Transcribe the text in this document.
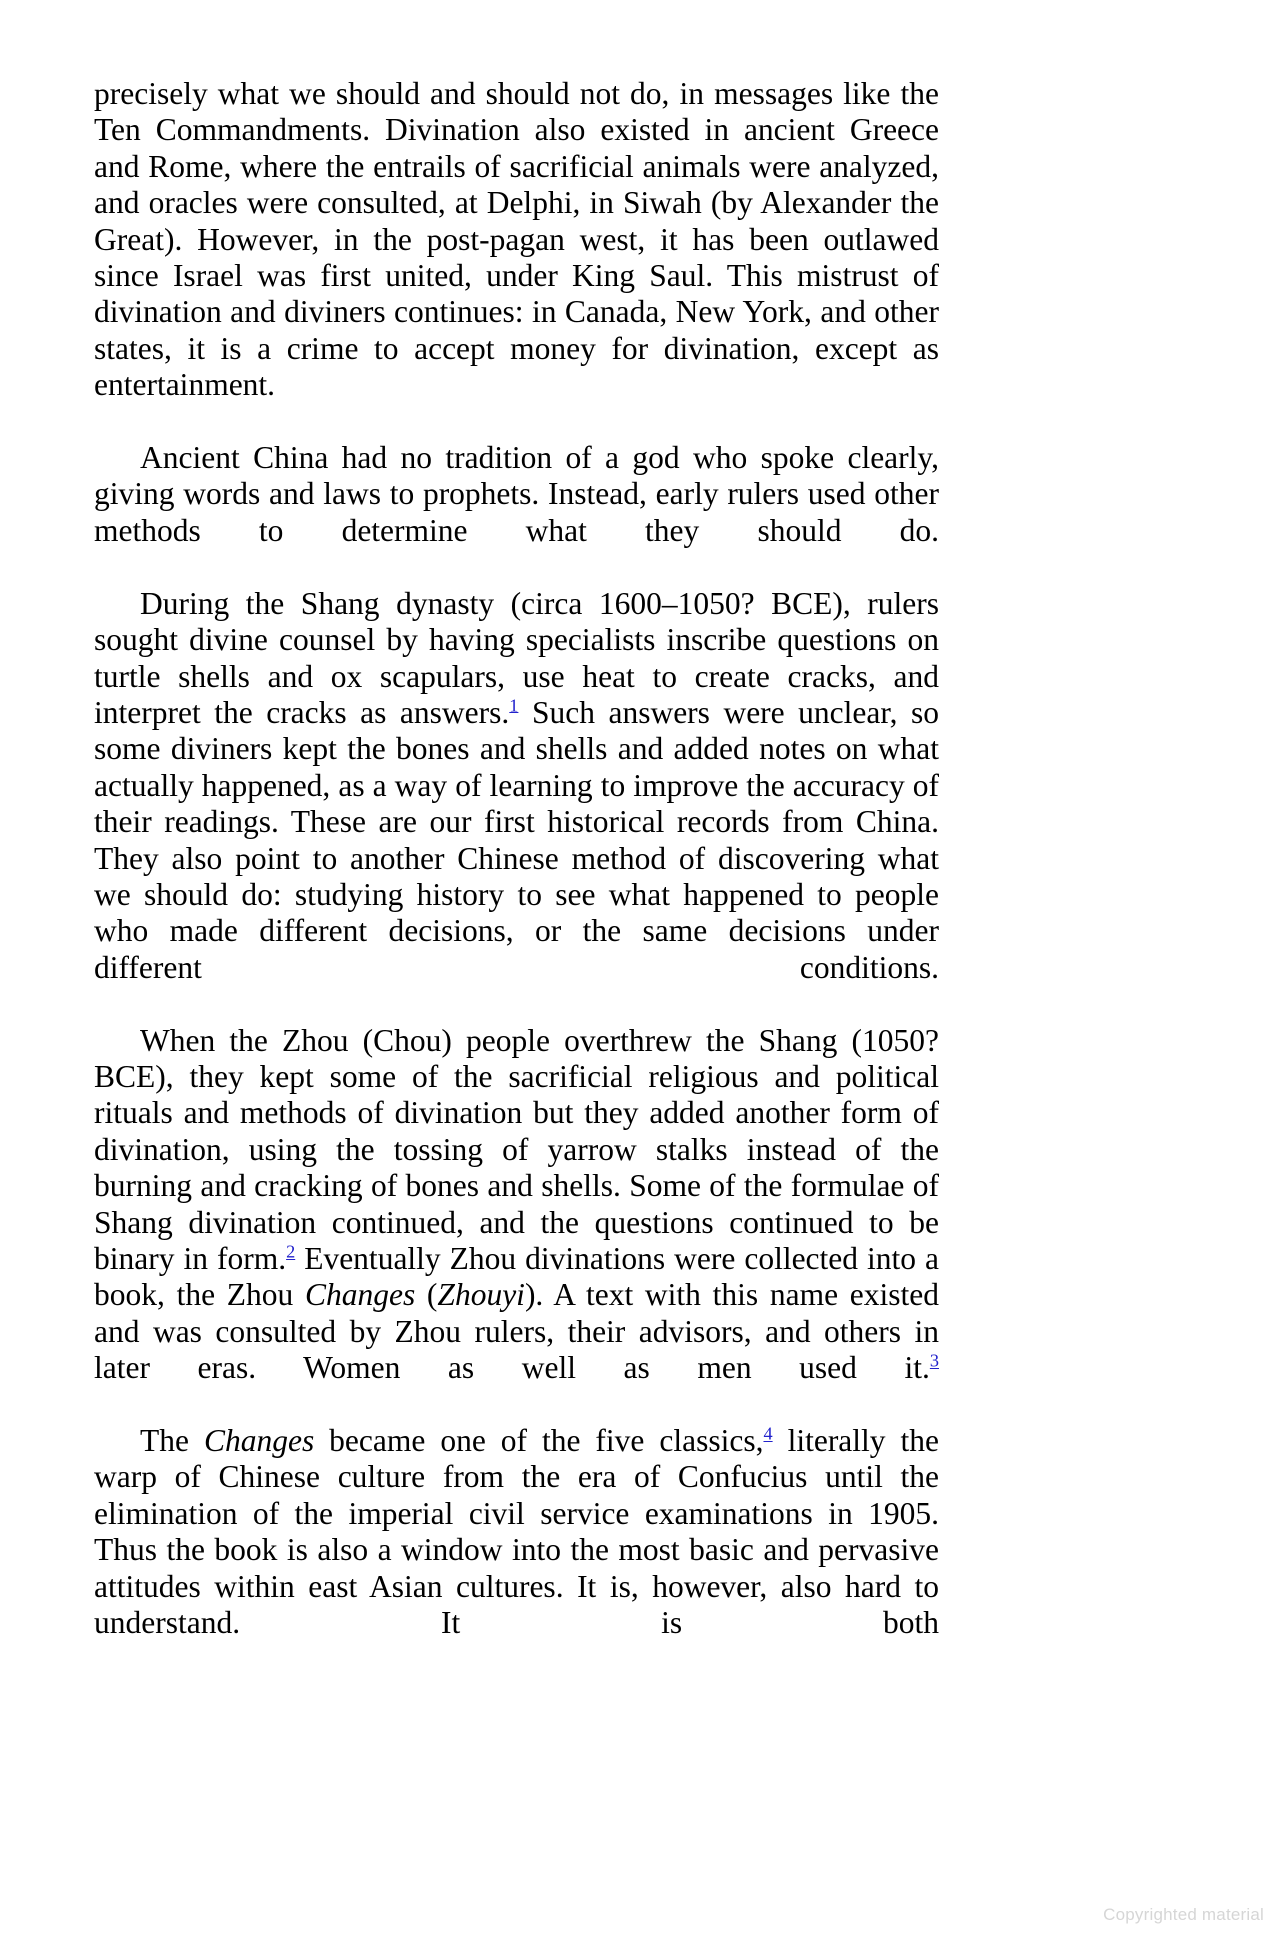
precisely what we should and should not do, in messages like the Ten Commandments. Divination also existed in ancient Greece and Rome, where the entrails of sacrificial animals were analyzed, and oracles were consulted, at Delphi, in Siwah (by Alexander the Great). However, in the post-pagan west, it has been outlawed since Israel was first united, under King Saul. This mistrust of divination and diviners continues: in Canada, New York, and other states, it is a crime to accept money for divination, except as entertainment.

Ancient China had no tradition of a god who spoke clearly, giving words and laws to prophets. Instead, early rulers used other methods to determine what they should do.

During the Shang dynasty (circa 1600–1050? BCE), rulers sought divine counsel by having specialists inscribe questions on turtle shells and ox scapulars, use heat to create cracks, and interpret the cracks as answers.$^1$ Such answers were unclear, so some diviners kept the bones and shells and added notes on what actually happened, as a way of learning to improve the accuracy of their readings. These are our first historical records from China. They also point to another Chinese method of discovering what we should do: studying history to see what happened to people who made different decisions, or the same decisions under different conditions.

When the Zhou (Chou) people overthrew the Shang (1050? BCE), they kept some of the sacrificial religious and political rituals and methods of divination but they added another form of divination, using the tossing of yarrow stalks instead of the burning and cracking of bones and shells. Some of the formulae of Shang divination continued, and the questions continued to be binary in form.$^2$ Eventually Zhou divinations were collected into a book, the Zhou Changes (Zhouyi). A text with this name existed and was consulted by Zhou rulers, their advisors, and others in later eras. Women as well as men used it.$^3$

The Changes became one of the five classics,$^4$ literally the warp of Chinese culture from the era of Confucius until the elimination of the imperial civil service examinations in 1905. Thus the book is also a window into the most basic and pervasive attitudes within east Asian cultures. It is, however, also hard to understand. It is both

Copyrighted material
